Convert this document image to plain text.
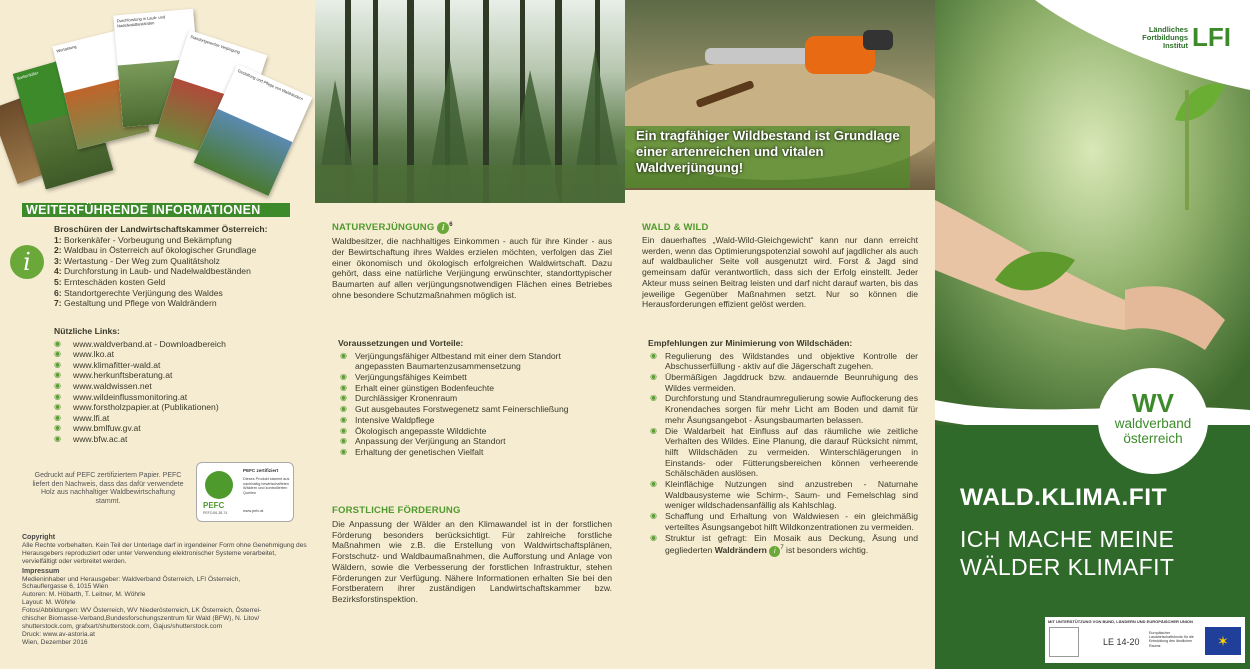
Borkenkäfer
Wertastung
Durchforstung in Laub- und Nadelwaldbeständen
Standortgerechte Verjüngung
Gestaltung und Pflege von Waldrändern
WEITERFÜHRENDE INFORMATIONEN
i
Broschüren der Landwirtschaftskammer Österreich:
1: Borkenkäfer - Vorbeugung und Bekämpfung
2: Waldbau in Österreich auf ökologischer Grundlage
3: Wertastung - Der Weg zum Qualitätsholz
4: Durchforstung in Laub- und Nadelwaldbeständen
5: Ernteschäden kosten Geld
6: Standortgerechte Verjüngung des Waldes
7: Gestaltung und Pflege von Waldrändern
Nützliche Links:
◉ www.waldverband.at - Downloadbereich
◉ www.lko.at
◉ www.klimafitter-wald.at
◉ www.herkunftsberatung.at
◉ www.waldwissen.net
◉ www.wildeinflussmonitoring.at
◉ www.forstholzpapier.at (Publikationen)
◉ www.lfi.at
◉ www.bmlfuw.gv.at
◉ www.bfw.ac.at
Gedruckt auf PEFC zertifiziertem Papier. PEFC liefert den Nachweis, dass das dafür verwendete Holz aus nachhaltiger Waldbewirtschaftung stammt.	PEFC
PEFC/06-38-74
PEFC zertifiziert
Dieses Produkt stammt aus nachhaltig bewirtschafteten Wäldern und kontrollierten Quellen
www.pefc.at
Copyright
Alle Rechte vorbehalten. Kein Teil der Unterlage darf in irgendeiner Form ohne Genehmigung des Herausgebers reproduziert oder unter Verwendung elektronischer Systeme verarbeitet, vervielfältigt oder verbreitet werden.
Impressum
Medieninhaber und Herausgeber: Waldverband Österreich, LFI Österreich,
Schauflergasse 6, 1015 Wien
Autoren: M. Höbarth, T. Leitner, M. Wöhrle
Layout: M. Wöhrle
Fotos/Abbildungen: WV Österreich, WV Niederösterreich, LK Österreich, Österrei-
chischer Biomasse-Verband,Bundesforschungszentrum für Wald (BFW), N. Litov/
shutterstock.com, grafxart/shutterstock.com, Gajus/shutterstock.com
Druck: www.av-astoria.at
Wien, Dezember 2016
NATURVERJÜNGUNG i $^6$
Waldbesitzer, die nachhaltiges Einkommen - auch für ihre Kinder - aus der Bewirtschaftung ihres Waldes erzielen möchten, verfolgen das Ziel einer ökonomisch und ökologisch erfolgreichen Waldwirtschaft. Dazu gehört, dass eine natürliche Verjüngung erwünschter, standorttypischer Baumarten auf allen verjüngungsnotwendigen Flächen eines Betriebes ohne besondere Schutzmaßnahmen möglich ist.
Voraussetzungen und Vorteile:
◉ Verjüngungsfähiger Altbestand mit einer dem Standort angepassten Baumartenzusammensetzung
◉ Verjüngungsfähiges Keimbett
◉ Erhalt einer günstigen Bodenfeuchte
◉ Durchlässiger Kronenraum
◉ Gut ausgebautes Forstwegenetz samt Feinerschließung
◉ Intensive Waldpflege
◉ Ökologisch angepasste Wilddichte
◉ Anpassung der Verjüngung an Standort
◉ Erhaltung der genetischen Vielfalt
FORSTLICHE FÖRDERUNG
Die Anpassung der Wälder an den Klimawandel ist in der forstlichen Förderung besonders berücksichtigt. Für zahlreiche forstliche Maßnahmen wie z.B. die Erstellung von Waldwirtschaftsplänen, Forstschutz- und Waldbaumaßnahmen, die Aufforstung und Anlage von Wäldern, sowie die Verbesserung der forstlichen Infrastruktur, stehen Förderungen zur Verfügung. Nähere Informationen erhalten Sie bei den Forstberatern ihrer zuständigen Landwirtschaftskammer bzw. Bezirksforstinspektion.
Ein tragfähiger Wildbestand ist Grundlage einer artenreichen und vitalen Waldverjüngung!
WALD & WILD
Ein dauerhaftes „Wald-Wild-Gleichgewicht“ kann nur dann erreicht werden, wenn das Optimierungspotenzial sowohl auf jagdlicher als auch auf waldbaulicher Seite voll ausgenutzt wird. Forst & Jagd sind gemeinsam dafür verantwortlich, dass sich der Erfolg einstellt. Jeder Akteur muss seinen Beitrag leisten und darf nicht darauf warten, bis das jeweilige Gegenüber Maßnahmen setzt. Nur so können die Herausforderungen effizient gelöst werden.
Empfehlungen zur Minimierung von Wildschäden:
◉ Regulierung des Wildstandes und objektive Kontrolle der Abschusserfüllung - aktiv auf die Jägerschaft zugehen.
◉ Übermäßigen Jagddruck bzw. andauernde Beunruhigung des Wildes vermeiden.
◉ Durchforstung und Standraumregulierung sowie Auflockerung des Kronendaches sorgen für mehr Licht am Boden und damit für mehr Äsungsangebot - Äsungsbaumarten belassen.
◉ Die Waldarbeit hat Einfluss auf das räumliche wie zeitliche Verhalten des Wildes. Eine Planung, die darauf Rücksicht nimmt, hilft Wildschäden zu vermeiden. Winterschlägerungen in Einstands- oder Fütterungsbereichen können verheerende Schälschäden auslösen.
◉ Kleinflächige Nutzungen sind anzustreben - Naturnahe Waldbausysteme wie Schirm-, Saum- und Femelschlag sind weniger wildschadensanfällig als Kahlschlag.
◉ Schaffung und Erhaltung von Waldwiesen - ein gleichmäßig verteiltes Äsungsangebot hilft Wildkonzentrationen zu vermeiden.
◉ Struktur ist gefragt: Ein Mosaik aus Deckung, Äsung und gegliederten Waldrändern i $^7$ ist besonders wichtig.
Ländliches
Fortbildungs
Institut LFI
WV
waldverband
österreich
WALD.KLIMA.FIT
ICH MACHE MEINE
WÄLDER KLIMAFIT
MIT UNTERSTÜTZUNG VON BUND, LÄNDERN UND EUROPÄISCHER UNION
LE 14-20
Europäischer Landwirtschaftsfonds für die Entwicklung des ländlichen Raums	✶
